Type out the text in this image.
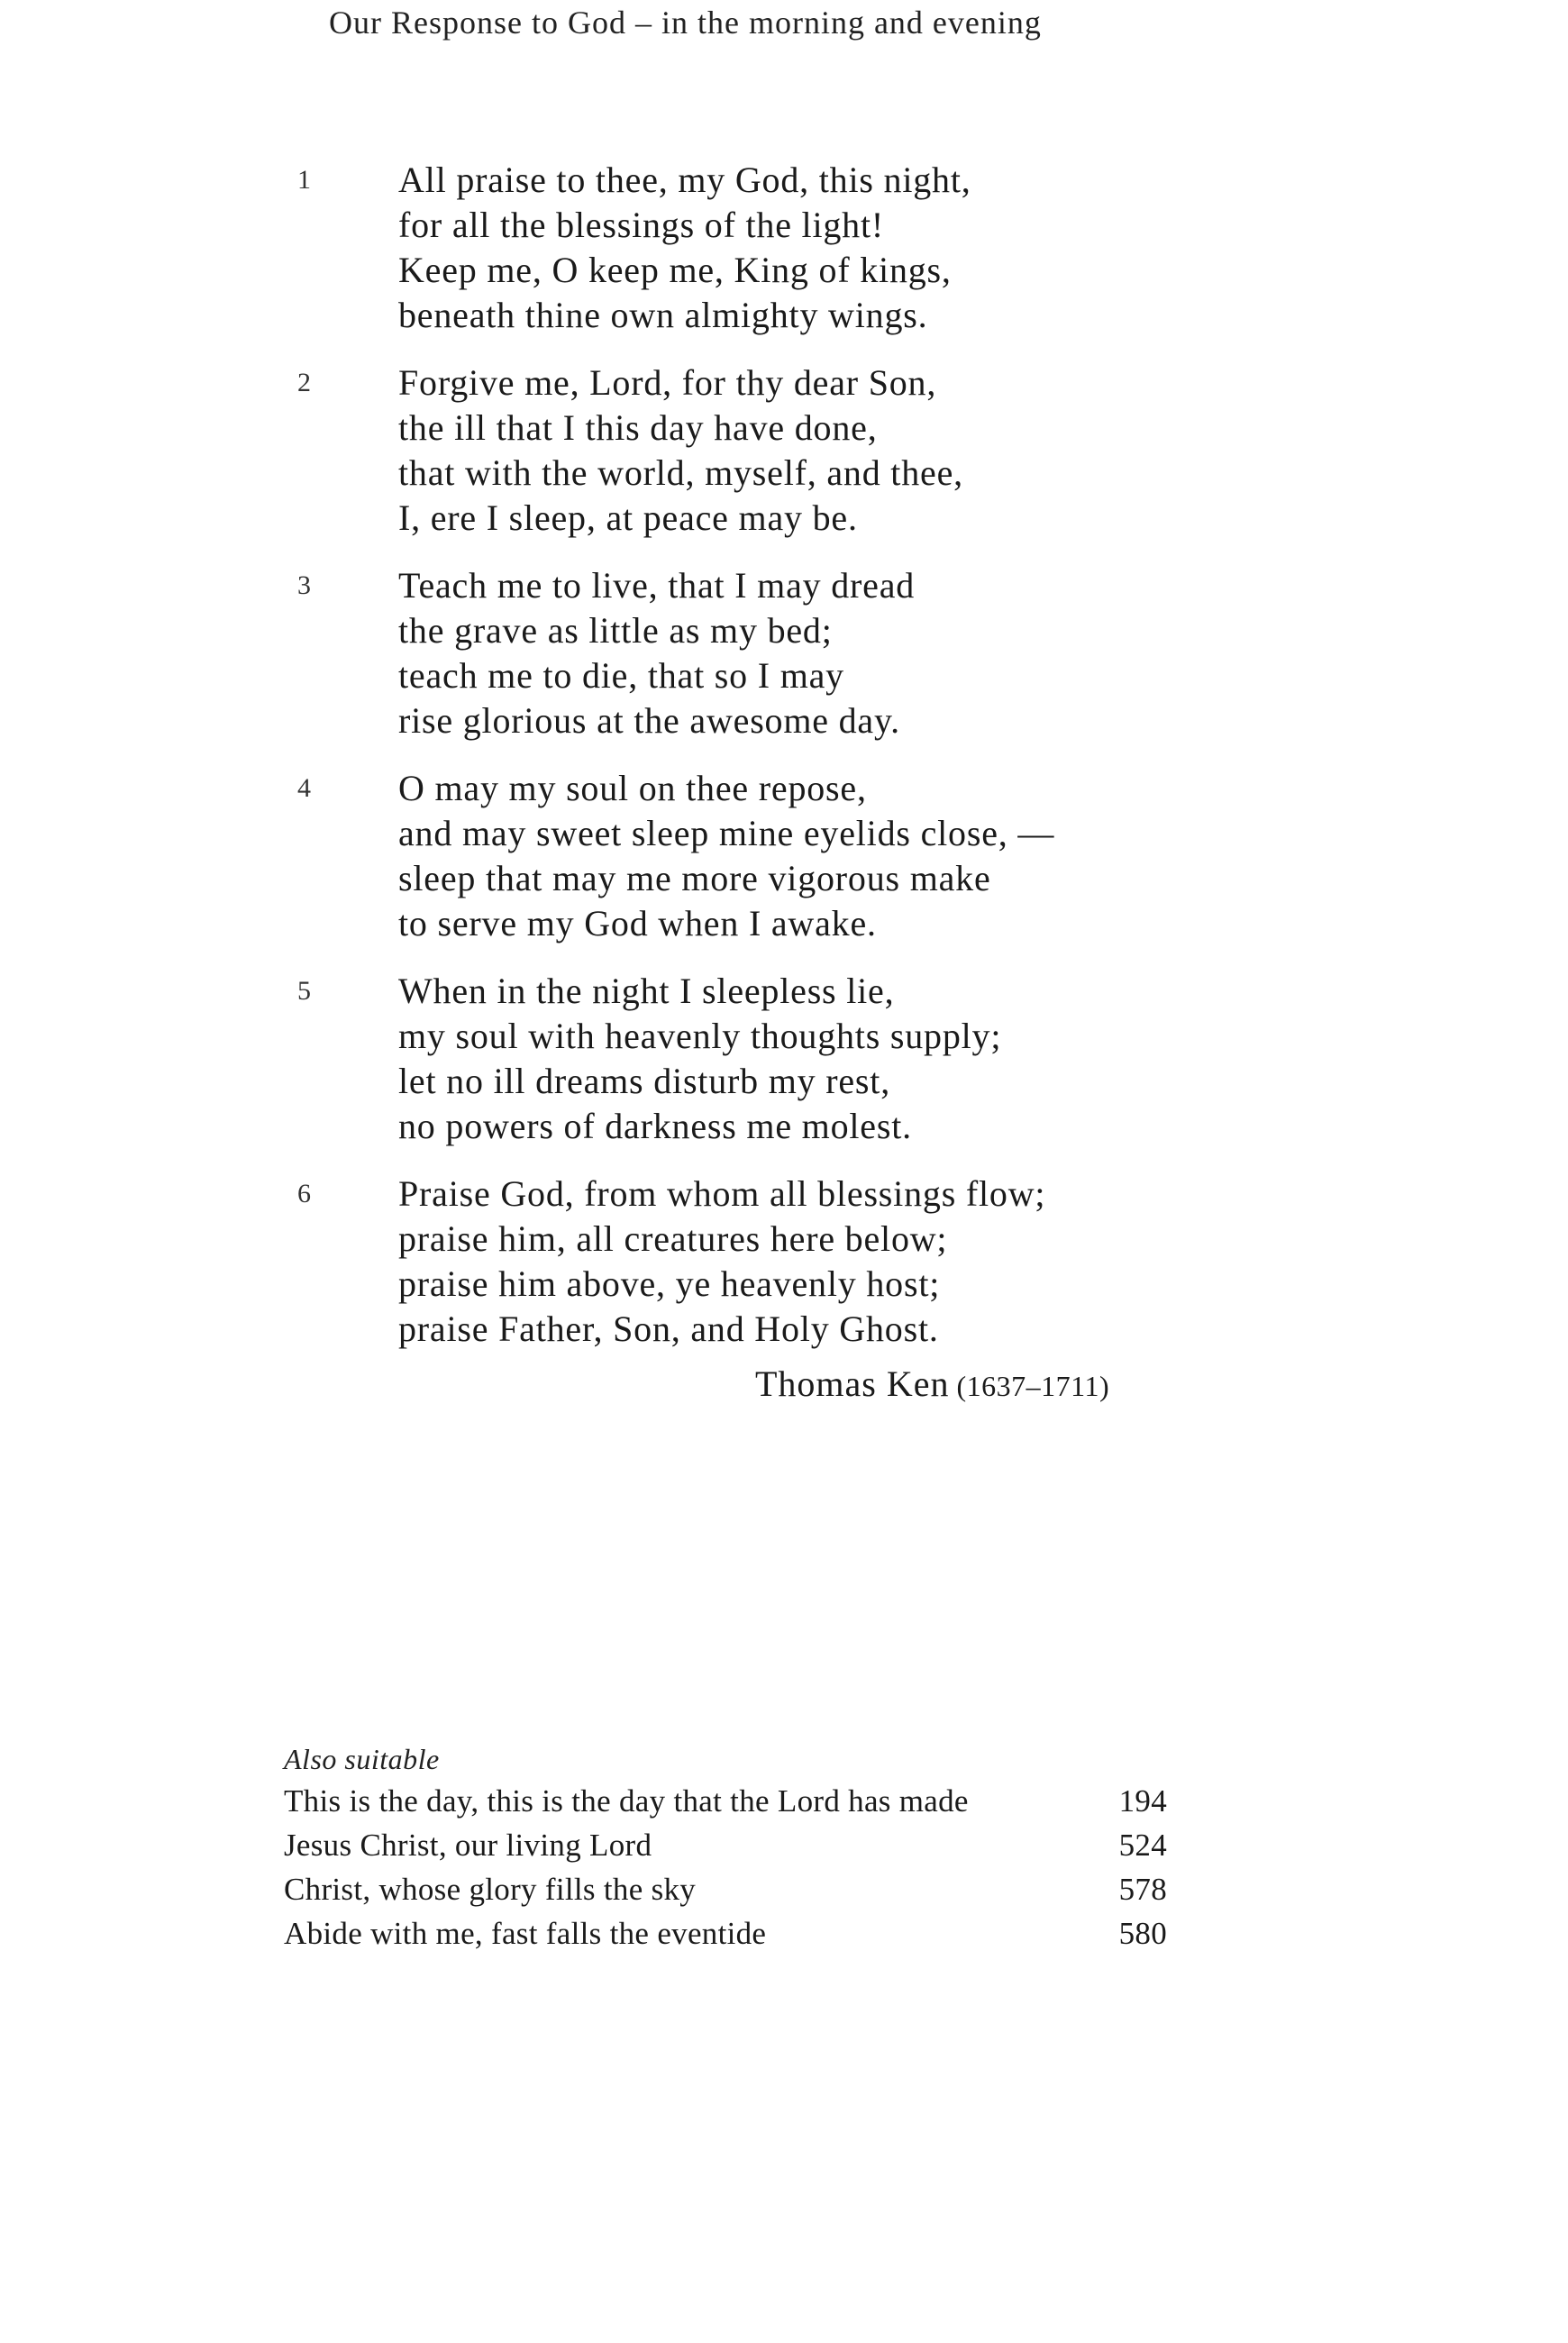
Our Response to God – in the morning and evening
1	All praise to thee, my God, this night,
for all the blessings of the light!
Keep me, O keep me, King of kings,
beneath thine own almighty wings.
2	Forgive me, Lord, for thy dear Son,
the ill that I this day have done,
that with the world, myself, and thee,
I, ere I sleep, at peace may be.
3	Teach me to live, that I may dread
the grave as little as my bed;
teach me to die, that so I may
rise glorious at the awesome day.
4	O may my soul on thee repose,
and may sweet sleep mine eyelids close, —
sleep that may me more vigorous make
to serve my God when I awake.
5	When in the night I sleepless lie,
my soul with heavenly thoughts supply;
let no ill dreams disturb my rest,
no powers of darkness me molest.
6	Praise God, from whom all blessings flow;
praise him, all creatures here below;
praise him above, ye heavenly host;
praise Father, Son, and Holy Ghost.
Thomas Ken (1637–1711)
Also suitable
This is the day, this is the day that the Lord has made	194
Jesus Christ, our living Lord	524
Christ, whose glory fills the sky	578
Abide with me, fast falls the eventide	580
